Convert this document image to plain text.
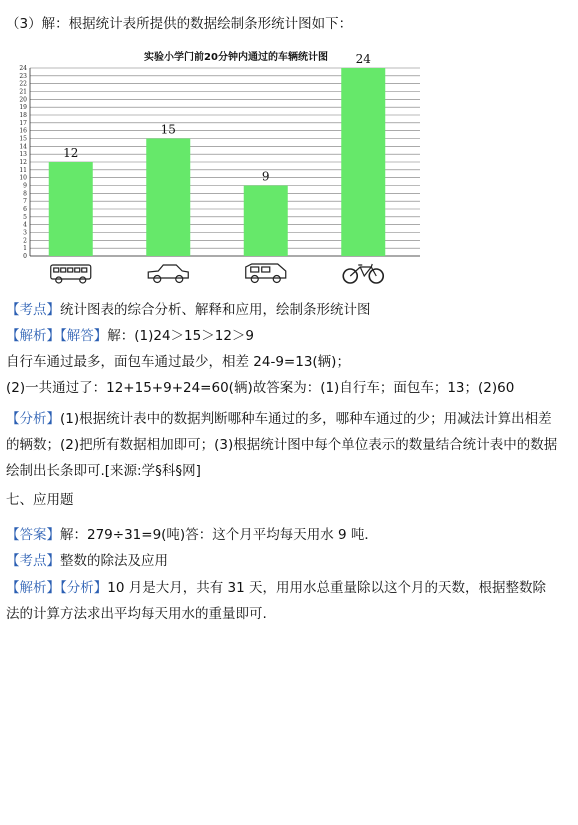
（3）解：根据统计表所提供的数据绘制条形统计图如下：
实验小学门前20分钟内通过的车辆统计图
0
1
2
3
4
5
6
7
8
9
10
11
12
13
14
15
16
17
18
19
20
21
22
23
24
12
15
9
24
【考点】统计图表的综合分析、解释和应用，绘制条形统计图
【解析】【解答】解：(1)24＞15＞12＞9
自行车通过最多，面包车通过最少，相差 24-9=13(辆)；
(2)一共通过了：12+15+9+24=60(辆)故答案为：(1)自行车；面包车；13；(2)60
【分析】(1)根据统计表中的数据判断哪种车通过的多，哪种车通过的少；用减法计算出相差
的辆数；(2)把所有数据相加即可；(3)根据统计图中每个单位表示的数量结合统计表中的数据
绘制出长条即可.[来源:学§科§网]
七、应用题
【答案】解：279÷31=9(吨)答：这个月平均每天用水 9 吨．
【考点】整数的除法及应用
【解析】【分析】10 月是大月，共有 31 天，用用水总重量除以这个月的天数，根据整数除
法的计算方法求出平均每天用水的重量即可.
